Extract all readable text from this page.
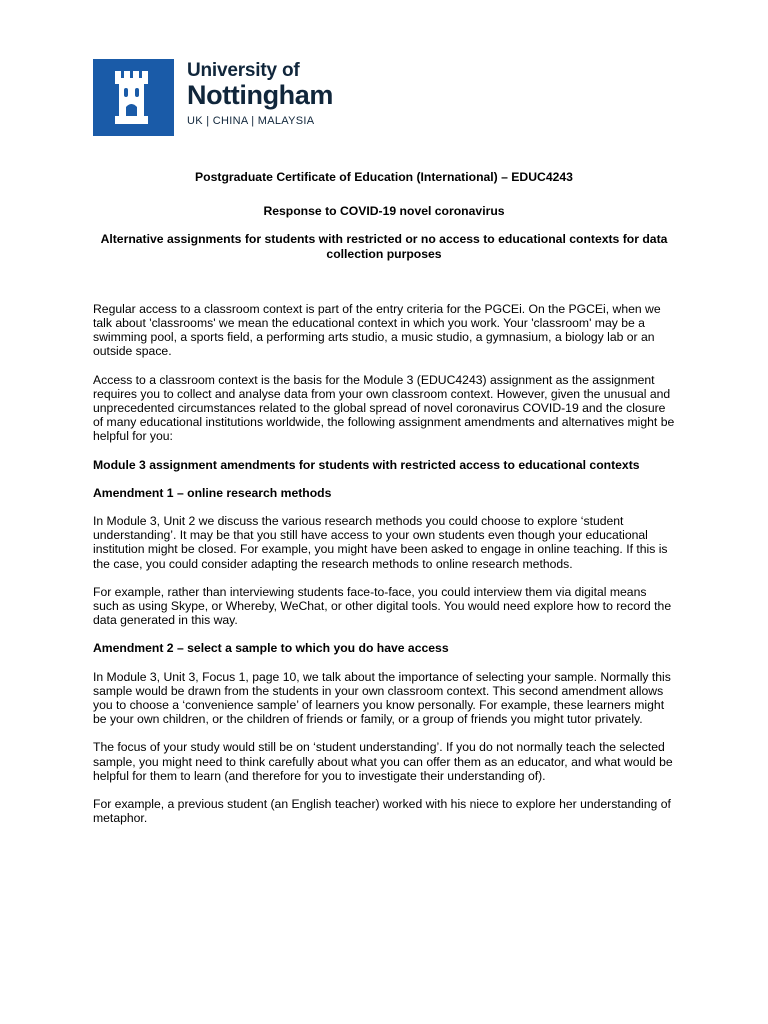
University of
Nottingham
UK | CHINA | MALAYSIA
Postgraduate Certificate of Education (International) – EDUC4243
Response to COVID-19 novel coronavirus
Alternative assignments for students with restricted or no access to educational contexts for data collection purposes

Regular access to a classroom context is part of the entry criteria for the PGCEi. On the PGCEi, when we talk about 'classrooms' we mean the educational context in which you work. Your 'classroom' may be a swimming pool, a sports field, a performing arts studio, a music studio, a gymnasium, a biology lab or an outside space.

Access to a classroom context is the basis for the Module 3 (EDUC4243) assignment as the assignment requires you to collect and analyse data from your own classroom context. However, given the unusual and unprecedented circumstances related to the global spread of novel coronavirus COVID-19 and the closure of many educational institutions worldwide, the following assignment amendments and alternatives might be helpful for you:

Module 3 assignment amendments for students with restricted access to educational contexts
Amendment 1 – online research methods

In Module 3, Unit 2 we discuss the various research methods you could choose to explore ‘student understanding’. It may be that you still have access to your own students even though your educational institution might be closed. For example, you might have been asked to engage in online teaching. If this is the case, you could consider adapting the research methods to online research methods.

For example, rather than interviewing students face-to-face, you could interview them via digital means such as using Skype, or Whereby, WeChat, or other digital tools. You would need explore how to record the data generated in this way.

Amendment 2 – select a sample to which you do have access

In Module 3, Unit 3, Focus 1, page 10, we talk about the importance of selecting your sample. Normally this sample would be drawn from the students in your own classroom context. This second amendment allows you to choose a ‘convenience sample’ of learners you know personally. For example, these learners might be your own children, or the children of friends or family, or a group of friends you might tutor privately.

The focus of your study would still be on ‘student understanding’. If you do not normally teach the selected sample, you might need to think carefully about what you can offer them as an educator, and what would be helpful for them to learn (and therefore for you to investigate their understanding of).

For example, a previous student (an English teacher) worked with his niece to explore her understanding of metaphor.
